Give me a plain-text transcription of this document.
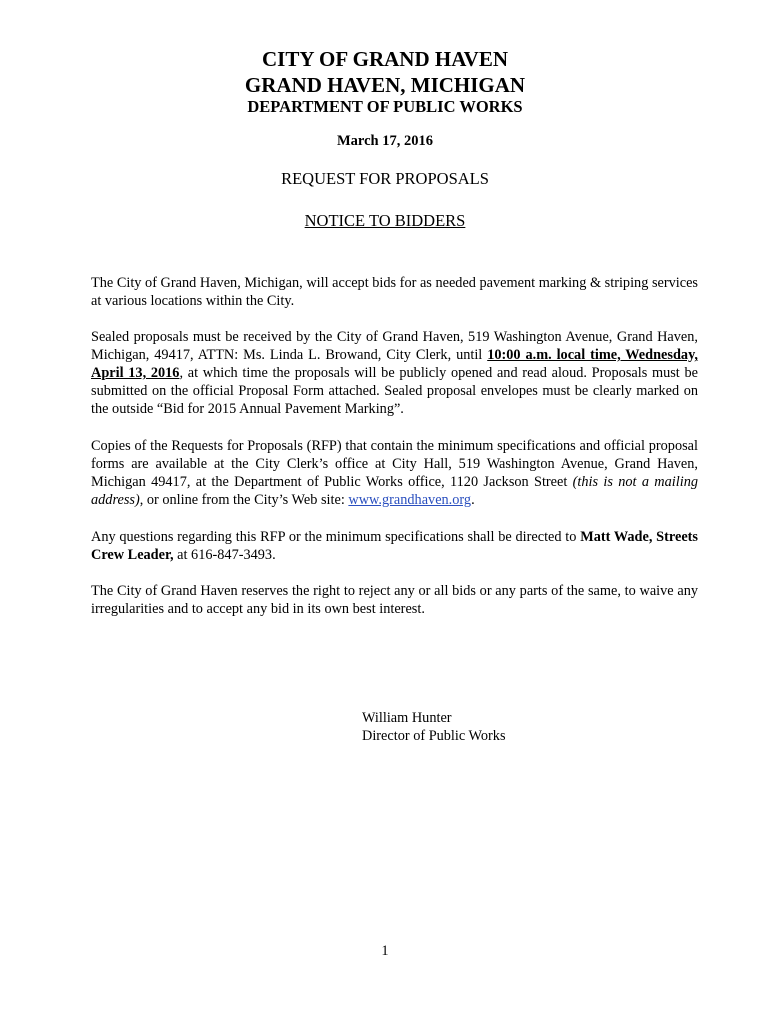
CITY OF GRAND HAVEN
GRAND HAVEN, MICHIGAN
DEPARTMENT OF PUBLIC WORKS
March 17, 2016
REQUEST FOR PROPOSALS
NOTICE TO BIDDERS
The City of Grand Haven, Michigan, will accept bids for as needed pavement marking & striping services at various locations within the City.
Sealed proposals must be received by the City of Grand Haven, 519 Washington Avenue, Grand Haven, Michigan, 49417, ATTN: Ms. Linda L. Browand, City Clerk, until 10:00 a.m. local time, Wednesday, April 13, 2016, at which time the proposals will be publicly opened and read aloud. Proposals must be submitted on the official Proposal Form attached. Sealed proposal envelopes must be clearly marked on the outside “Bid for 2015 Annual Pavement Marking”.
Copies of the Requests for Proposals (RFP) that contain the minimum specifications and official proposal forms are available at the City Clerk’s office at City Hall, 519 Washington Avenue, Grand Haven, Michigan 49417, at the Department of Public Works office, 1120 Jackson Street (this is not a mailing address), or online from the City’s Web site: www.grandhaven.org.
Any questions regarding this RFP or the minimum specifications shall be directed to Matt Wade, Streets Crew Leader, at 616-847-3493.
The City of Grand Haven reserves the right to reject any or all bids or any parts of the same, to waive any irregularities and to accept any bid in its own best interest.
William Hunter
Director of Public Works
1
